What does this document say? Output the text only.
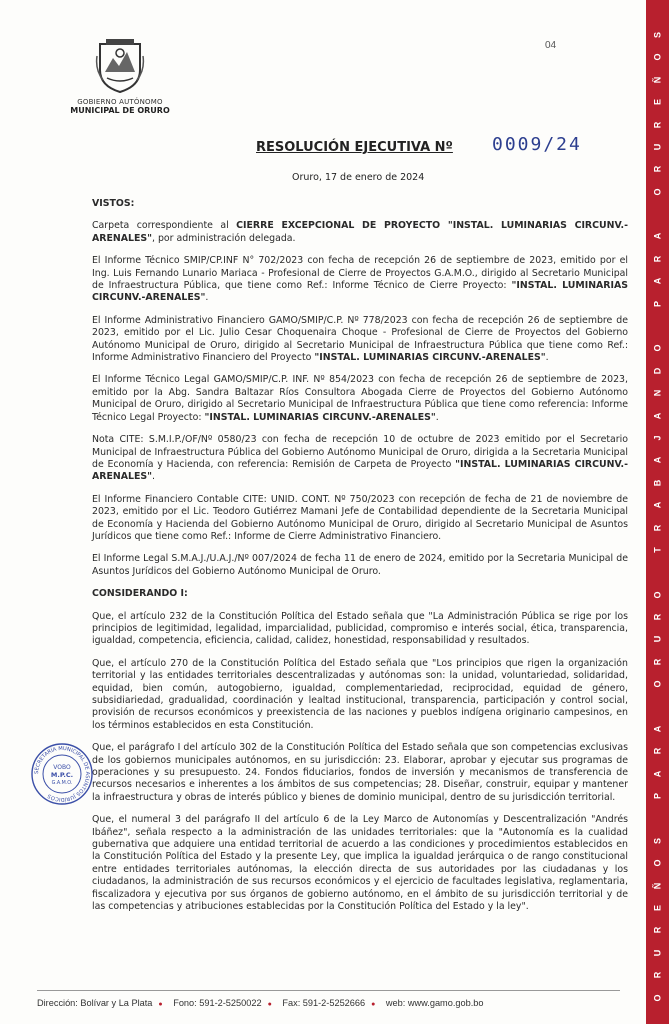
GOBIERNO AUTÓNOMO
MUNICIPAL DE ORURO
04
O
R
U
R
E
Ñ
O
S
P
A
R
A
O
R
U
R
O
T
R
A
B
A
J
A
N
D
O
P
A
R
A
O
R
U
R
E
Ñ
O
S
RESOLUCIÓN EJECUTIVA Nº 0009/24
Oruro, 17 de enero de 2024

VISTOS:

Carpeta correspondiente al CIERRE EXCEPCIONAL DE PROYECTO "INSTAL. LUMINARIAS CIRCUNV.-ARENALES", por administración delegada.

El Informe Técnico SMIP/CP.INF N° 702/2023 con fecha de recepción 26 de septiembre de 2023, emitido por el Ing. Luis Fernando Lunario Mariaca - Profesional de Cierre de Proyectos G.A.M.O., dirigido al Secretario Municipal de Infraestructura Pública, que tiene como Ref.: Informe Técnico de Cierre Proyecto: "INSTAL. LUMINARIAS CIRCUNV.-ARENALES".

El Informe Administrativo Financiero GAMO/SMIP/C.P. Nº 778/2023 con fecha de recepción 26 de septiembre de 2023, emitido por el Lic. Julio Cesar Choquenaira Choque - Profesional de Cierre de Proyectos del Gobierno Autónomo Municipal de Oruro, dirigido al Secretario Municipal de Infraestructura Pública que tiene como Ref.: Informe Administrativo Financiero del Proyecto "INSTAL. LUMINARIAS CIRCUNV.-ARENALES".

El Informe Técnico Legal GAMO/SMIP/C.P. INF. Nº 854/2023 con fecha de recepción 26 de septiembre de 2023, emitido por la Abg. Sandra Baltazar Ríos Consultora Abogada Cierre de Proyectos del Gobierno Autónomo Municipal de Oruro, dirigido al Secretario Municipal de Infraestructura Pública que tiene como referencia: Informe Técnico Legal Proyecto: "INSTAL. LUMINARIAS CIRCUNV.-ARENALES".

Nota CITE: S.M.I.P./OF/Nº 0580/23 con fecha de recepción 10 de octubre de 2023 emitido por el Secretario Municipal de Infraestructura Pública del Gobierno Autónomo Municipal de Oruro, dirigida a la Secretaria Municipal de Economía y Hacienda, con referencia: Remisión de Carpeta de Proyecto "INSTAL. LUMINARIAS CIRCUNV.-ARENALES".

El Informe Financiero Contable CITE: UNID. CONT. Nº 750/2023 con recepción de fecha de 21 de noviembre de 2023, emitido por el Lic. Teodoro Gutiérrez Mamani Jefe de Contabilidad dependiente de la Secretaria Municipal de Economía y Hacienda del Gobierno Autónomo Municipal de Oruro, dirigido al Secretario Municipal de Asuntos Jurídicos que tiene como Ref.: Informe de Cierre Administrativo Financiero.

El Informe Legal S.M.A.J./U.A.J./Nº 007/2024 de fecha 11 de enero de 2024, emitido por la Secretaria Municipal de Asuntos Jurídicos del Gobierno Autónomo Municipal de Oruro.

CONSIDERANDO I:

Que, el artículo 232 de la Constitución Política del Estado señala que "La Administración Pública se rige por los principios de legitimidad, legalidad, imparcialidad, publicidad, compromiso e interés social, ética, transparencia, igualdad, competencia, eficiencia, calidad, calidez, honestidad, responsabilidad y resultados.

Que, el artículo 270 de la Constitución Política del Estado señala que "Los principios que rigen la organización territorial y las entidades territoriales descentralizadas y autónomas son: la unidad, voluntariedad, solidaridad, equidad, bien común, autogobierno, igualdad, complementariedad, reciprocidad, equidad de género, subsidiariedad, gradualidad, coordinación y lealtad institucional, transparencia, participación y control social, provisión de recursos económicos y preexistencia de las naciones y pueblos indígena originario campesinos, en los términos establecidos en esta Constitución.

Que, el parágrafo I del artículo 302 de la Constitución Política del Estado señala que son competencias exclusivas de los gobiernos municipales autónomos, en su jurisdicción: 23. Elaborar, aprobar y ejecutar sus programas de operaciones y su presupuesto. 24. Fondos fiduciarios, fondos de inversión y mecanismos de transferencia de recursos necesarios e inherentes a los ámbitos de sus competencias; 28. Diseñar, construir, equipar y mantener la infraestructura y obras de interés público y bienes de dominio municipal, dentro de su jurisdicción territorial.

Que, el numeral 3 del parágrafo II del artículo 6 de la Ley Marco de Autonomías y Descentralización "Andrés Ibáñez", señala respecto a la administración de las unidades territoriales: que la "Autonomía es la cualidad gubernativa que adquiere una entidad territorial de acuerdo a las condiciones y procedimientos establecidos en la Constitución Política del Estado y la presente Ley, que implica la igualdad jerárquica o de rango constitucional entre entidades territoriales autónomas, la elección directa de sus autoridades por las ciudadanas y los ciudadanos, la administración de sus recursos económicos y el ejercicio de facultades legislativa, reglamentaria, fiscalizadora y ejecutiva por sus órganos de gobierno autónomo, en el ámbito de su jurisdicción territorial y de las competencias y atribuciones establecidas por la Constitución Política del Estado y la ley".

SECRETARÍA MUNICIPAL DE ASUNTOS JURÍDICOS
VOBO
M.P.C.
G.A.M.O.
Dirección: Bolívar y La Plata ● Fono: 591-2-5250022 ● Fax: 591-2-5252666 ● web: www.gamo.gob.bo
